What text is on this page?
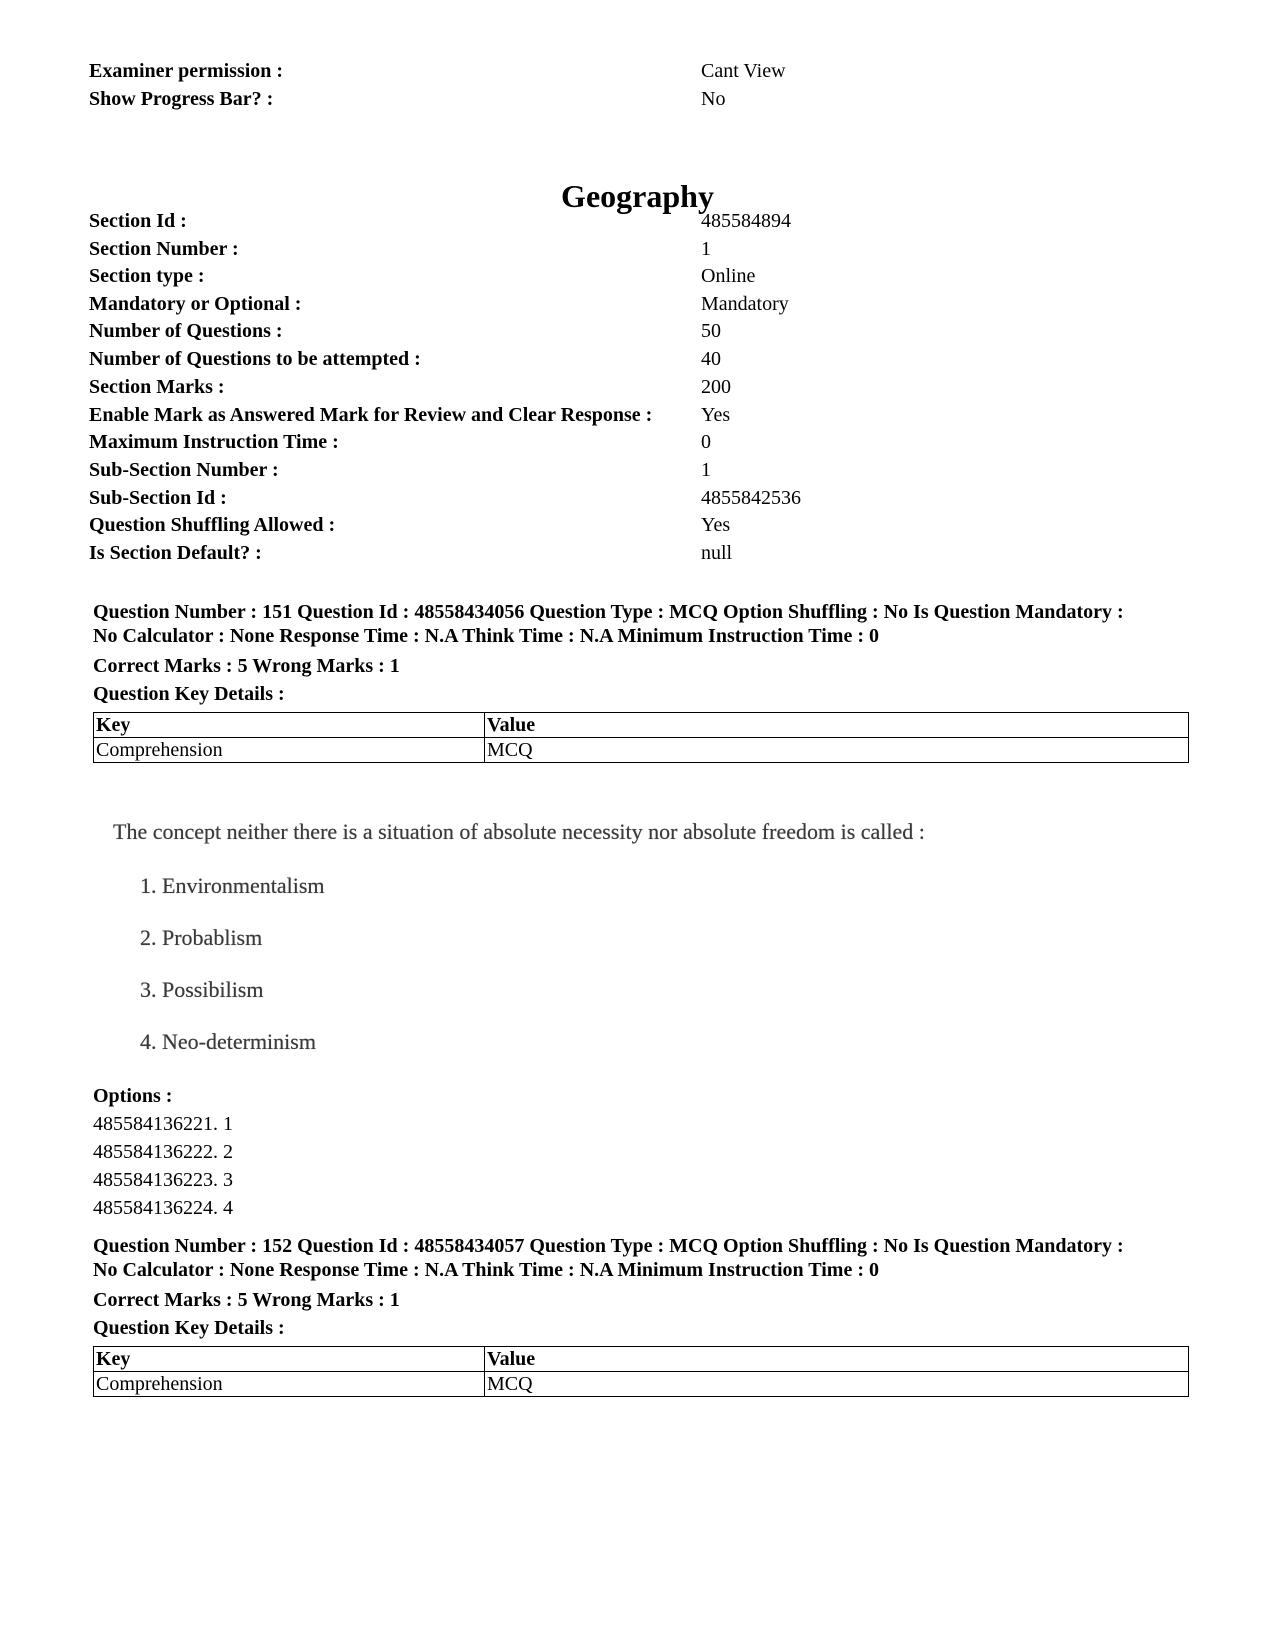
Examiner permission :	Cant View
Show Progress Bar? :	No
Geography
Section Id :	485584894
Section Number :	1
Section type :	Online
Mandatory or Optional :	Mandatory
Number of Questions :	50
Number of Questions to be attempted :	40
Section Marks :	200
Enable Mark as Answered Mark for Review and Clear Response : Yes
Maximum Instruction Time :	0
Sub-Section Number :	1
Sub-Section Id :	4855842536
Question Shuffling Allowed :	Yes
Is Section Default? :	null

Question Number : 151 Question Id : 48558434056 Question Type : MCQ Option Shuffling : No Is Question Mandatory :

No Calculator : None Response Time : N.A Think Time : N.A Minimum Instruction Time : 0

Correct Marks : 5 Wrong Marks : 1

Question Key Details :

Key	Value
Comprehension	MCQ
The concept neither there is a situation of absolute necessity nor absolute freedom is called :
1. Environmentalism
2. Probablism
3. Possibilism
4. Neo-determinism
Options :
485584136221. 1
485584136222. 2
485584136223. 3
485584136224. 4

Question Number : 152 Question Id : 48558434057 Question Type : MCQ Option Shuffling : No Is Question Mandatory :

No Calculator : None Response Time : N.A Think Time : N.A Minimum Instruction Time : 0

Correct Marks : 5 Wrong Marks : 1

Question Key Details :

Key	Value
Comprehension	MCQ
